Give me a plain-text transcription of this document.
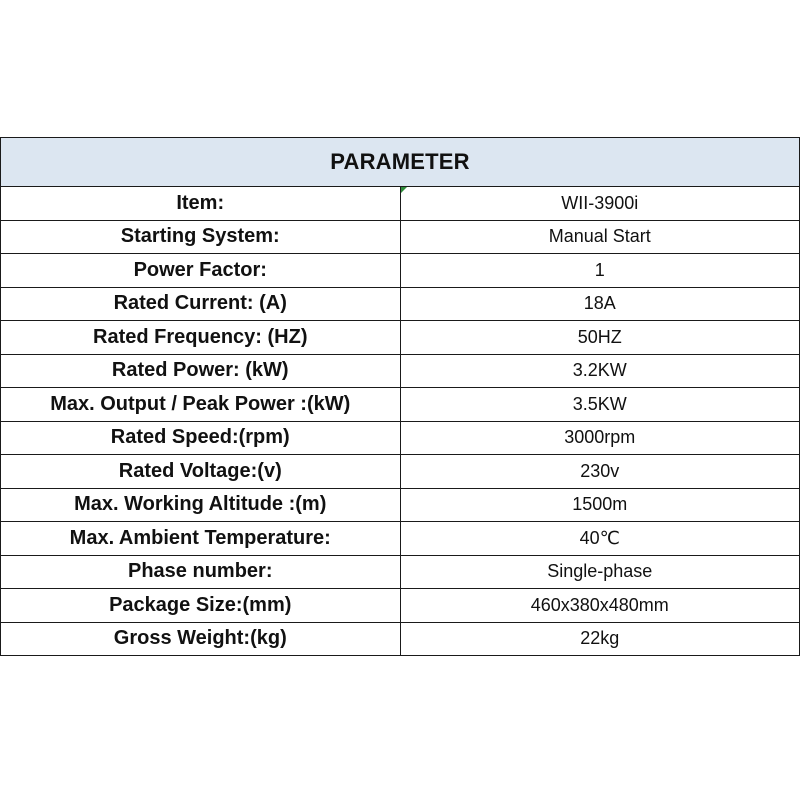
PARAMETER	
Item:	WII-3900i

Starting System:	Manual Start
Power Factor:	1
Rated Current: (A)	18A
Rated Frequency: (HZ)	50HZ
Rated Power: (kW)	3.2KW
Max. Output / Peak Power :(kW)	3.5KW
Rated Speed:(rpm)	3000rpm
Rated Voltage:(v)	230v
Max. Working Altitude :(m)	1500m
Max. Ambient Temperature:	40℃
Phase number:	Single-phase
Package Size:(mm)	460x380x480mm
Gross Weight:(kg)	22kg
